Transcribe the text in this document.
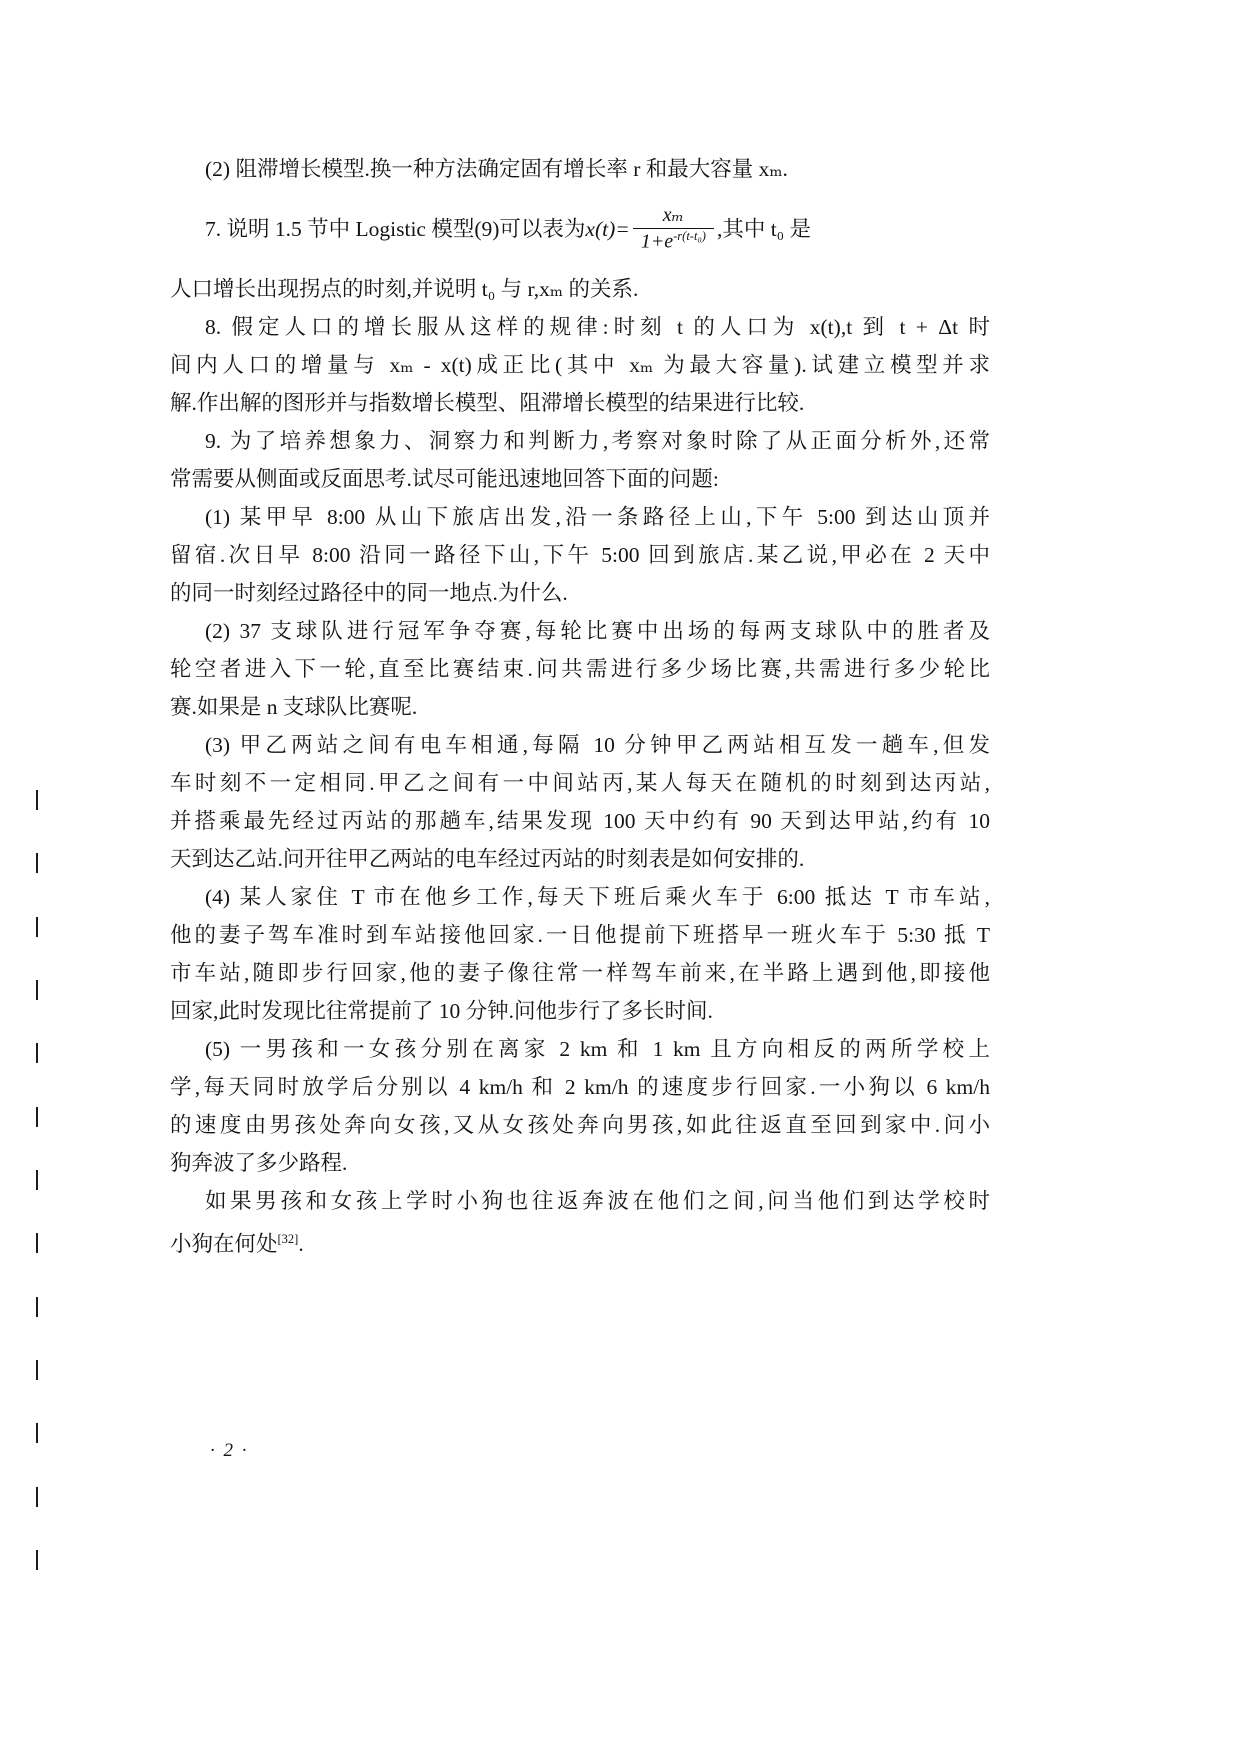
(2) 阻滞增长模型.换一种方法确定固有增长率 r 和最大容量 xₘ.
7. 说明 1.5 节中 Logistic 模型(9)可以表为 $x(t)= \frac{\text{xₘ}}{1+e^{-r(t-t_0)}}$ ,其中 t₀ 是
人口增长出现拐点的时刻,并说明 t₀ 与 r,xₘ 的关系.
8. 假定人口的增长服从这样的规律:时刻 t 的人口为 x(t),t 到 t + Δt 时
间内人口的增量与 xₘ - x(t)成正比(其中 xₘ 为最大容量).试建立模型并求
解.作出解的图形并与指数增长模型、阻滞增长模型的结果进行比较.
9. 为了培养想象力、洞察力和判断力,考察对象时除了从正面分析外,还常
常需要从侧面或反面思考.试尽可能迅速地回答下面的问题:
(1) 某甲早 8:00 从山下旅店出发,沿一条路径上山,下午 5:00 到达山顶并
留宿.次日早 8:00 沿同一路径下山,下午 5:00 回到旅店.某乙说,甲必在 2 天中
的同一时刻经过路径中的同一地点.为什么.
(2) 37 支球队进行冠军争夺赛,每轮比赛中出场的每两支球队中的胜者及
轮空者进入下一轮,直至比赛结束.问共需进行多少场比赛,共需进行多少轮比
赛.如果是 n 支球队比赛呢.
(3) 甲乙两站之间有电车相通,每隔 10 分钟甲乙两站相互发一趟车,但发
车时刻不一定相同.甲乙之间有一中间站丙,某人每天在随机的时刻到达丙站,
并搭乘最先经过丙站的那趟车,结果发现 100 天中约有 90 天到达甲站,约有 10
天到达乙站.问开往甲乙两站的电车经过丙站的时刻表是如何安排的.
(4) 某人家住 T 市在他乡工作,每天下班后乘火车于 6:00 抵达 T 市车站,
他的妻子驾车准时到车站接他回家.一日他提前下班搭早一班火车于 5:30 抵 T
市车站,随即步行回家,他的妻子像往常一样驾车前来,在半路上遇到他,即接他
回家,此时发现比往常提前了 10 分钟.问他步行了多长时间.
(5) 一男孩和一女孩分别在离家 2 km 和 1 km 且方向相反的两所学校上
学,每天同时放学后分别以 4 km/h 和 2 km/h 的速度步行回家.一小狗以 6 km/h
的速度由男孩处奔向女孩,又从女孩处奔向男孩,如此往返直至回到家中.问小
狗奔波了多少路程.
如果男孩和女孩上学时小狗也往返奔波在他们之间,问当他们到达学校时
小狗在何处[32].
· 2 ·
